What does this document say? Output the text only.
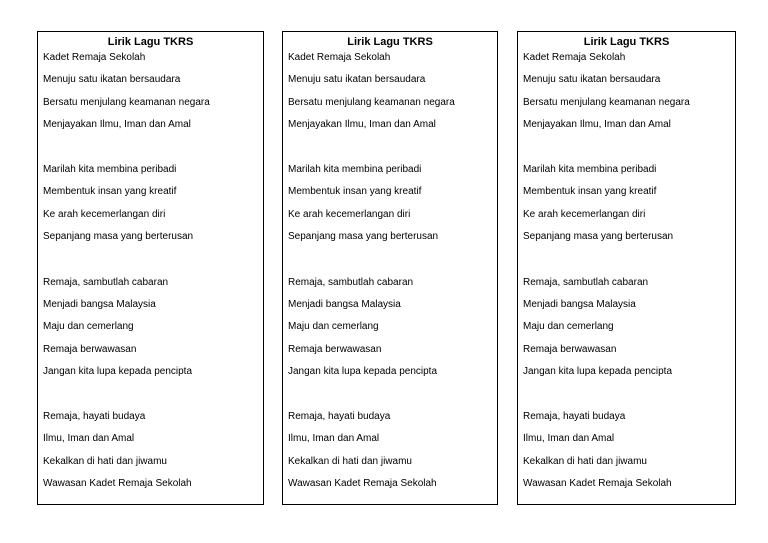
Lirik Lagu TKRS
Kadet Remaja Sekolah
Menuju satu ikatan bersaudara
Bersatu menjulang keamanan negara
Menjayakan Ilmu, Iman dan Amal
Marilah kita membina peribadi
Membentuk insan yang kreatif
Ke arah kecemerlangan diri
Sepanjang masa yang berterusan
Remaja, sambutlah cabaran
Menjadi bangsa Malaysia
Maju dan cemerlang
Remaja berwawasan
Jangan kita lupa kepada pencipta
Remaja, hayati budaya
Ilmu, Iman dan Amal
Kekalkan di hati dan jiwamu
Wawasan Kadet Remaja Sekolah
Lirik Lagu TKRS
Kadet Remaja Sekolah
Menuju satu ikatan bersaudara
Bersatu menjulang keamanan negara
Menjayakan Ilmu, Iman dan Amal
Marilah kita membina peribadi
Membentuk insan yang kreatif
Ke arah kecemerlangan diri
Sepanjang masa yang berterusan
Remaja, sambutlah cabaran
Menjadi bangsa Malaysia
Maju dan cemerlang
Remaja berwawasan
Jangan kita lupa kepada pencipta
Remaja, hayati budaya
Ilmu, Iman dan Amal
Kekalkan di hati dan jiwamu
Wawasan Kadet Remaja Sekolah
Lirik Lagu TKRS
Kadet Remaja Sekolah
Menuju satu ikatan bersaudara
Bersatu menjulang keamanan negara
Menjayakan Ilmu, Iman dan Amal
Marilah kita membina peribadi
Membentuk insan yang kreatif
Ke arah kecemerlangan diri
Sepanjang masa yang berterusan
Remaja, sambutlah cabaran
Menjadi bangsa Malaysia
Maju dan cemerlang
Remaja berwawasan
Jangan kita lupa kepada pencipta
Remaja, hayati budaya
Ilmu, Iman dan Amal
Kekalkan di hati dan jiwamu
Wawasan Kadet Remaja Sekolah
